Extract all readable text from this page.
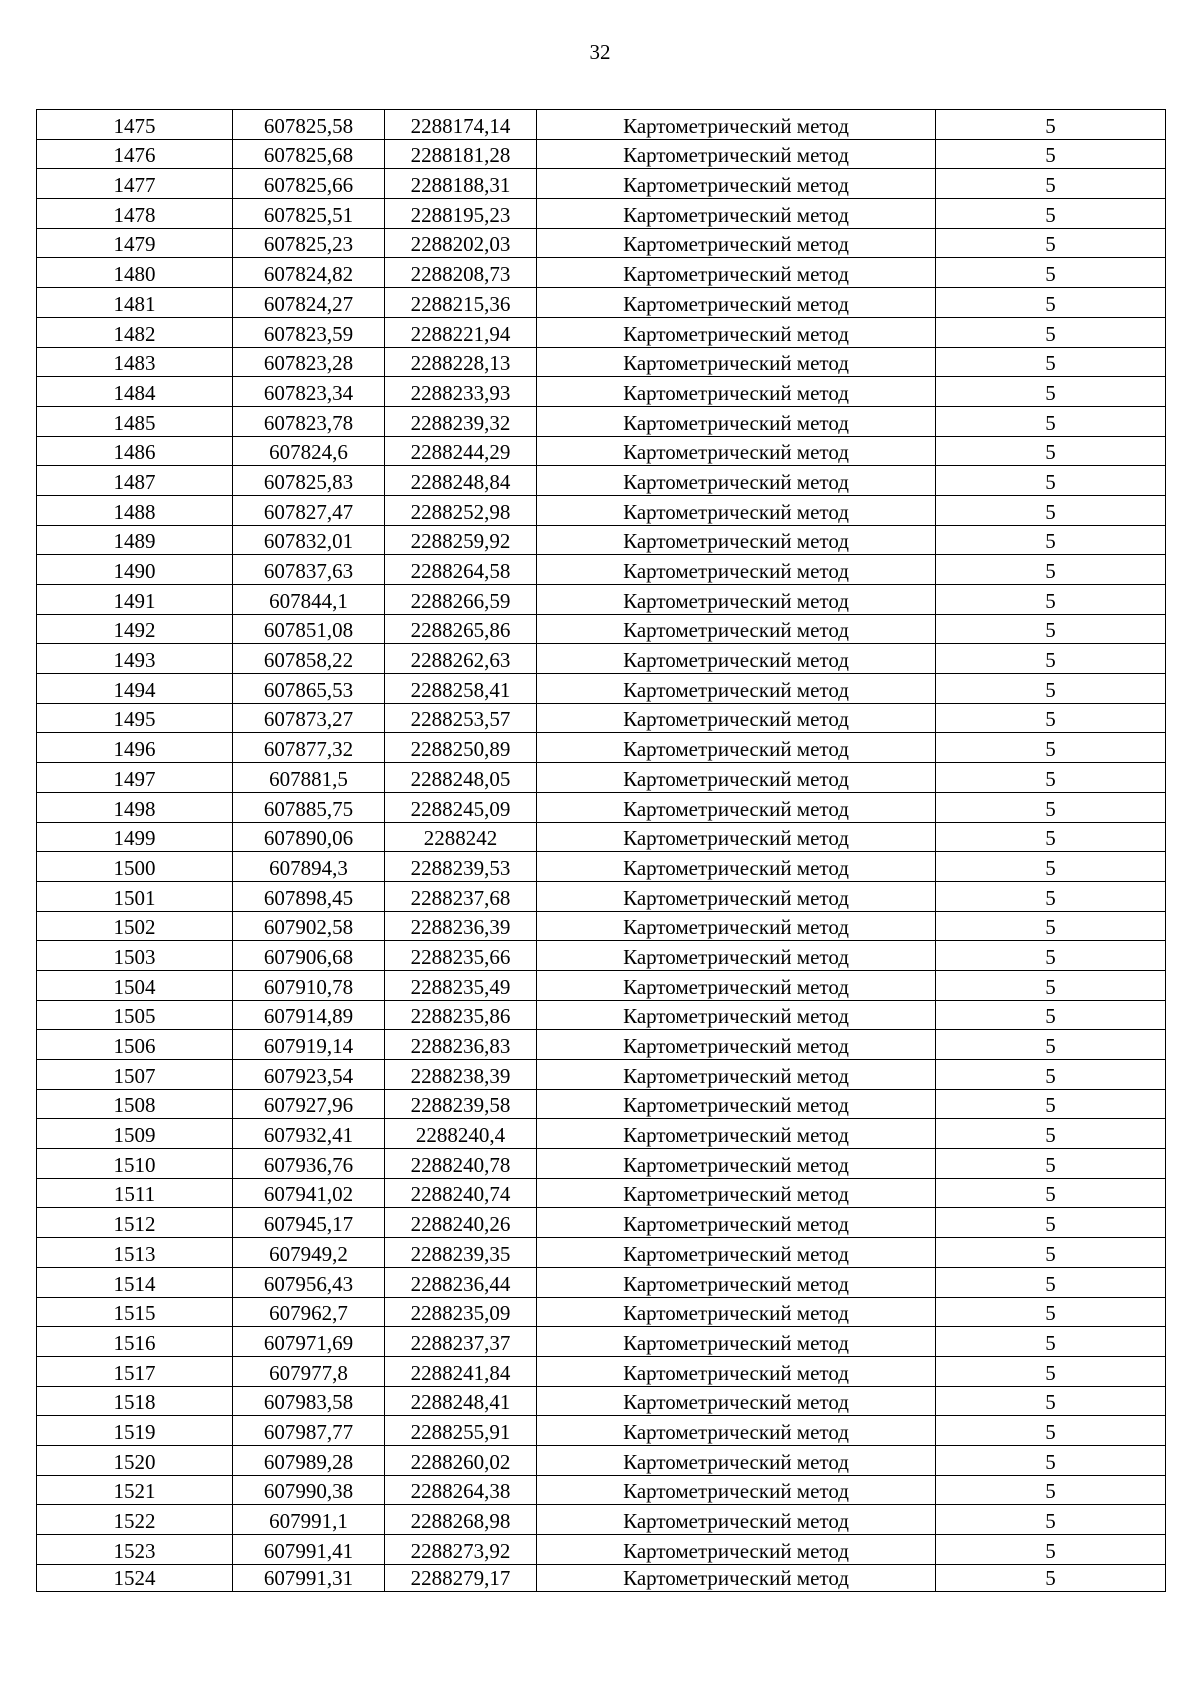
32
1475	607825,58	2288174,14	Картометрический метод	5
1476	607825,68	2288181,28	Картометрический метод	5
1477	607825,66	2288188,31	Картометрический метод	5
1478	607825,51	2288195,23	Картометрический метод	5
1479	607825,23	2288202,03	Картометрический метод	5
1480	607824,82	2288208,73	Картометрический метод	5
1481	607824,27	2288215,36	Картометрический метод	5
1482	607823,59	2288221,94	Картометрический метод	5
1483	607823,28	2288228,13	Картометрический метод	5
1484	607823,34	2288233,93	Картометрический метод	5
1485	607823,78	2288239,32	Картометрический метод	5
1486	607824,6	2288244,29	Картометрический метод	5
1487	607825,83	2288248,84	Картометрический метод	5
1488	607827,47	2288252,98	Картометрический метод	5
1489	607832,01	2288259,92	Картометрический метод	5
1490	607837,63	2288264,58	Картометрический метод	5
1491	607844,1	2288266,59	Картометрический метод	5
1492	607851,08	2288265,86	Картометрический метод	5
1493	607858,22	2288262,63	Картометрический метод	5
1494	607865,53	2288258,41	Картометрический метод	5
1495	607873,27	2288253,57	Картометрический метод	5
1496	607877,32	2288250,89	Картометрический метод	5
1497	607881,5	2288248,05	Картометрический метод	5
1498	607885,75	2288245,09	Картометрический метод	5
1499	607890,06	2288242	Картометрический метод	5
1500	607894,3	2288239,53	Картометрический метод	5
1501	607898,45	2288237,68	Картометрический метод	5
1502	607902,58	2288236,39	Картометрический метод	5
1503	607906,68	2288235,66	Картометрический метод	5
1504	607910,78	2288235,49	Картометрический метод	5
1505	607914,89	2288235,86	Картометрический метод	5
1506	607919,14	2288236,83	Картометрический метод	5
1507	607923,54	2288238,39	Картометрический метод	5
1508	607927,96	2288239,58	Картометрический метод	5
1509	607932,41	2288240,4	Картометрический метод	5
1510	607936,76	2288240,78	Картометрический метод	5
1511	607941,02	2288240,74	Картометрический метод	5
1512	607945,17	2288240,26	Картометрический метод	5
1513	607949,2	2288239,35	Картометрический метод	5
1514	607956,43	2288236,44	Картометрический метод	5
1515	607962,7	2288235,09	Картометрический метод	5
1516	607971,69	2288237,37	Картометрический метод	5
1517	607977,8	2288241,84	Картометрический метод	5
1518	607983,58	2288248,41	Картометрический метод	5
1519	607987,77	2288255,91	Картометрический метод	5
1520	607989,28	2288260,02	Картометрический метод	5
1521	607990,38	2288264,38	Картометрический метод	5
1522	607991,1	2288268,98	Картометрический метод	5
1523	607991,41	2288273,92	Картометрический метод	5
1524	607991,31	2288279,17	Картометрический метод	5
